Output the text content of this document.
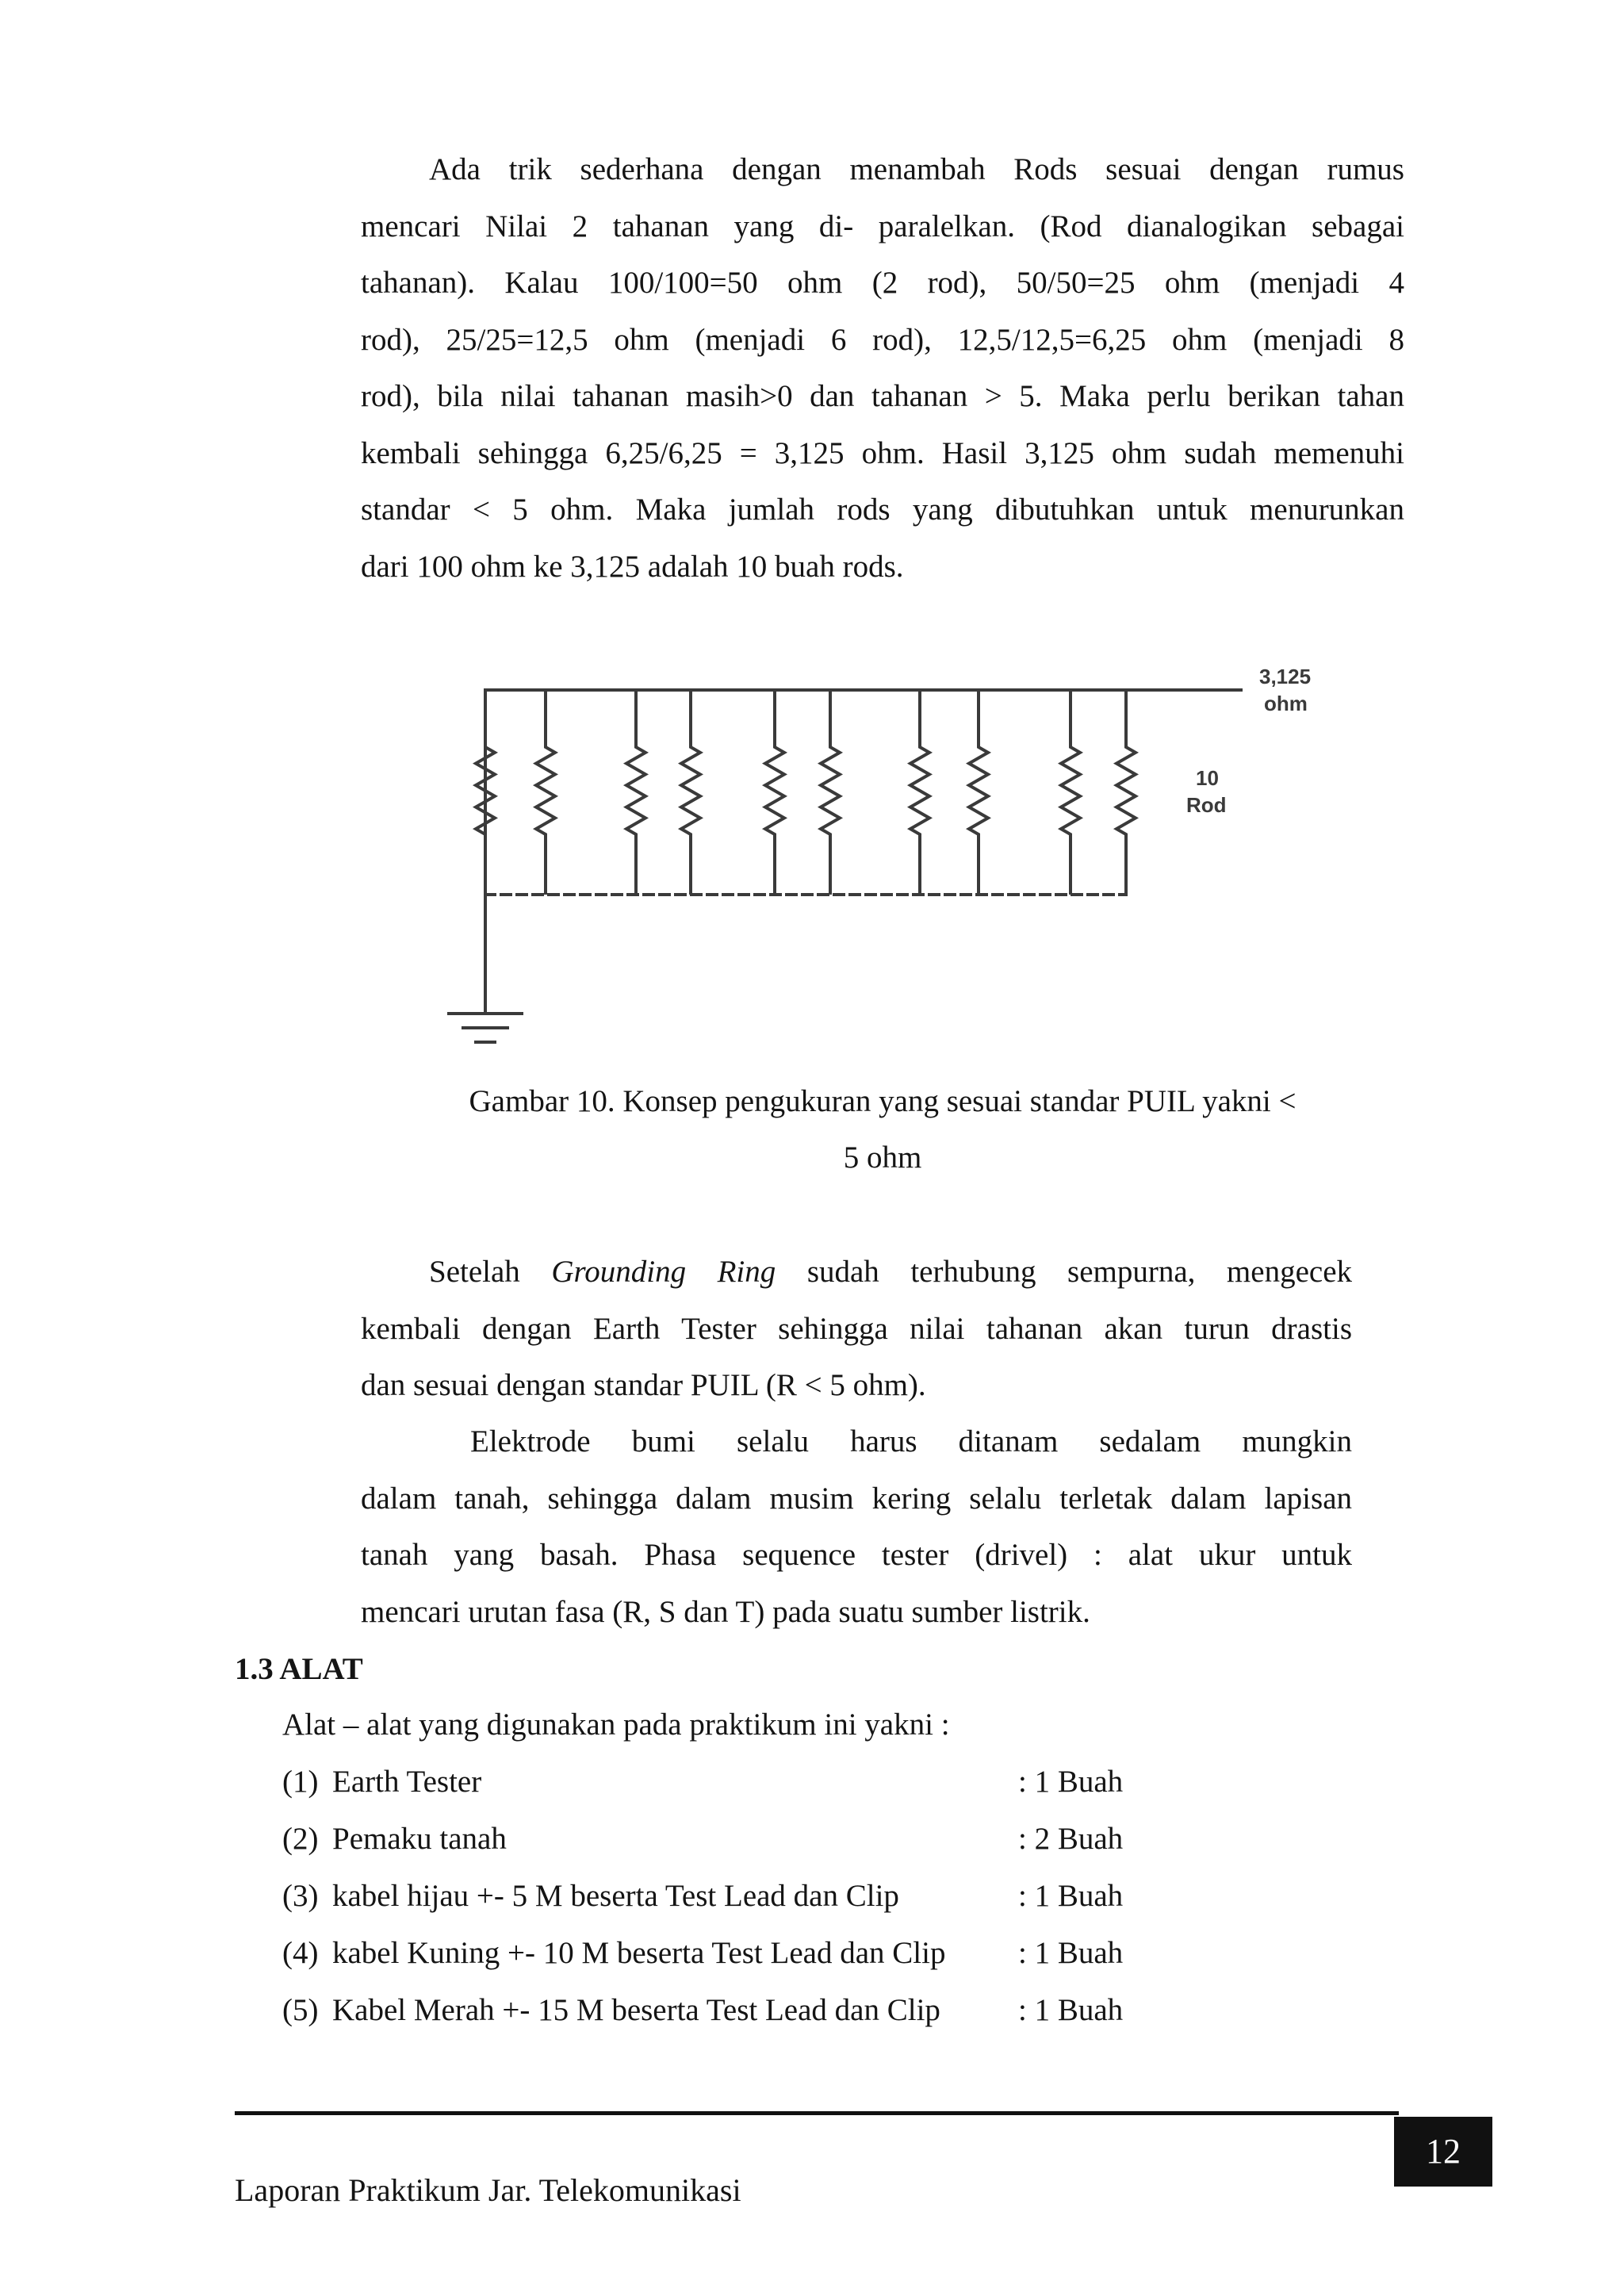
Ada trik sederhana dengan menambah Rods sesuai dengan rumus
mencari Nilai 2 tahanan yang di- paralelkan. (Rod dianalogikan sebagai
tahanan). Kalau 100/100=50 ohm (2 rod), 50/50=25 ohm (menjadi 4
rod), 25/25=12,5 ohm (menjadi 6 rod), 12,5/12,5=6,25 ohm (menjadi 8
rod), bila nilai tahanan masih>0 dan tahanan > 5. Maka perlu berikan tahan
kembali sehingga 6,25/6,25 = 3,125 ohm. Hasil 3,125 ohm sudah memenuhi
standar < 5 ohm. Maka jumlah rods yang dibutuhkan untuk menurunkan
dari 100 ohm ke 3,125 adalah 10 buah rods.
3,125
ohm
10
Rod
Gambar 10. Konsep pengukuran yang sesuai standar PUIL yakni <
5 ohm
Setelah Grounding Ring sudah terhubung sempurna, mengecek
kembali dengan Earth Tester sehingga nilai tahanan akan turun drastis
dan sesuai dengan standar PUIL (R < 5 ohm).
Elektrode bumi selalu harus ditanam sedalam mungkin
dalam tanah, sehingga dalam musim kering selalu terletak dalam lapisan
tanah yang basah. Phasa sequence tester (drivel) : alat ukur untuk
mencari urutan fasa (R, S dan T) pada suatu sumber listrik.
1.3 ALAT
Alat – alat yang digunakan pada praktikum ini yakni :
(1) Earth Tester	: 1 Buah
(2) Pemaku tanah	: 2 Buah
(3) kabel hijau +- 5 M beserta Test Lead dan Clip	: 1 Buah
(4) kabel Kuning +- 10 M beserta Test Lead dan Clip : 1 Buah
(5) Kabel Merah +- 15 M beserta Test Lead dan Clip	: 1 Buah
12
Laporan Praktikum Jar. Telekomunikasi
